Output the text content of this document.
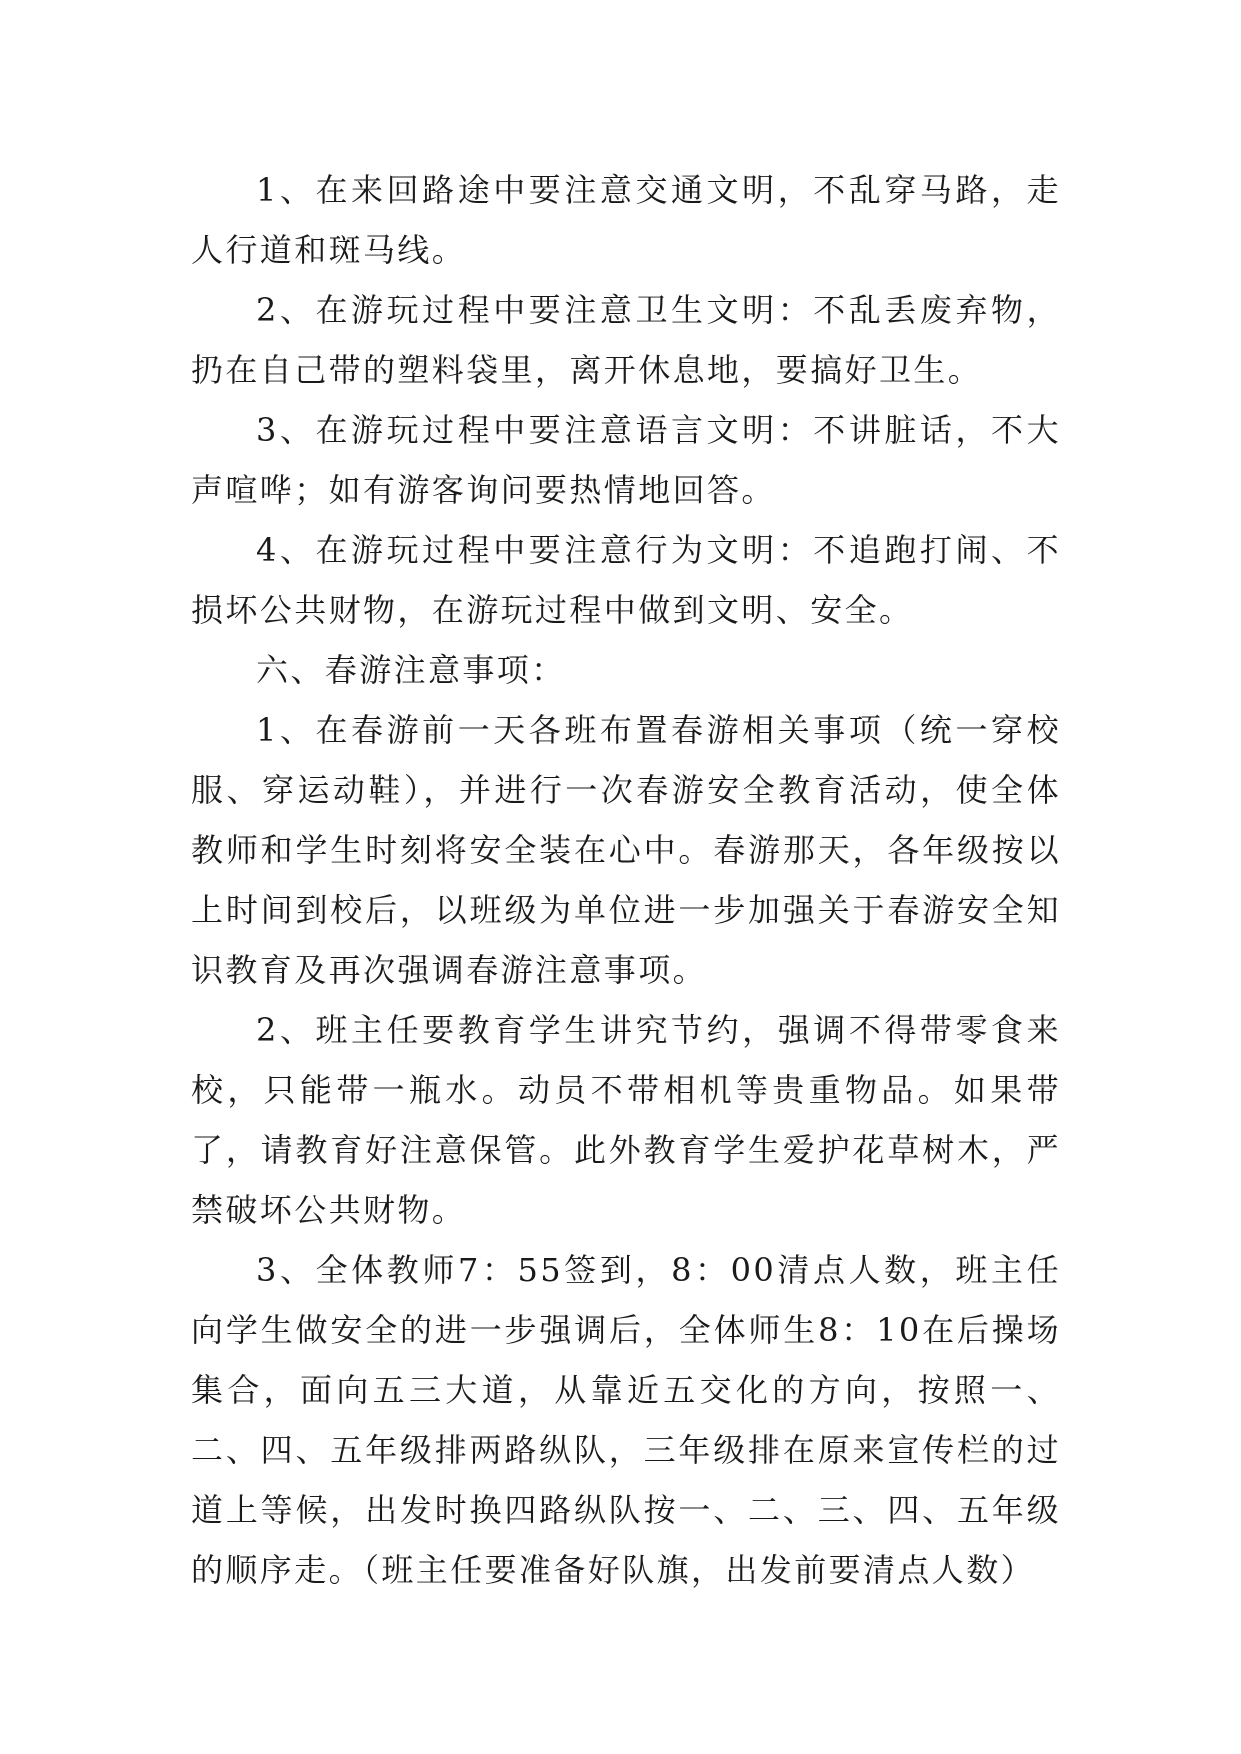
1、在来回路途中要注意交通文明，不乱穿马路，走人行道和斑马线。

2、在游玩过程中要注意卫生文明：不乱丢废弃物，扔在自己带的塑料袋里，离开休息地，要搞好卫生。

3、在游玩过程中要注意语言文明：不讲脏话，不大声喧哗；如有游客询问要热情地回答。

4、在游玩过程中要注意行为文明：不追跑打闹、不损坏公共财物，在游玩过程中做到文明、安全。

六、春游注意事项：

1、在春游前一天各班布置春游相关事项（统一穿校服、穿运动鞋），并进行一次春游安全教育活动，使全体教师和学生时刻将安全装在心中。春游那天，各年级按以上时间到校后，以班级为单位进一步加强关于春游安全知识教育及再次强调春游注意事项。

2、班主任要教育学生讲究节约，强调不得带零食来校，只能带一瓶水。动员不带相机等贵重物品。如果带了，请教育好注意保管。此外教育学生爱护花草树木，严禁破坏公共财物。

3、全体教师7：55签到，8：00清点人数，班主任向学生做安全的进一步强调后，全体师生8：10在后操场集合，面向五三大道，从靠近五交化的方向，按照一、二、四、五年级排两路纵队，三年级排在原来宣传栏的过道上等候，出发时换四路纵队按一、二、三、四、五年级的顺序走。（班主任要准备好队旗，出发前要清点人数）
